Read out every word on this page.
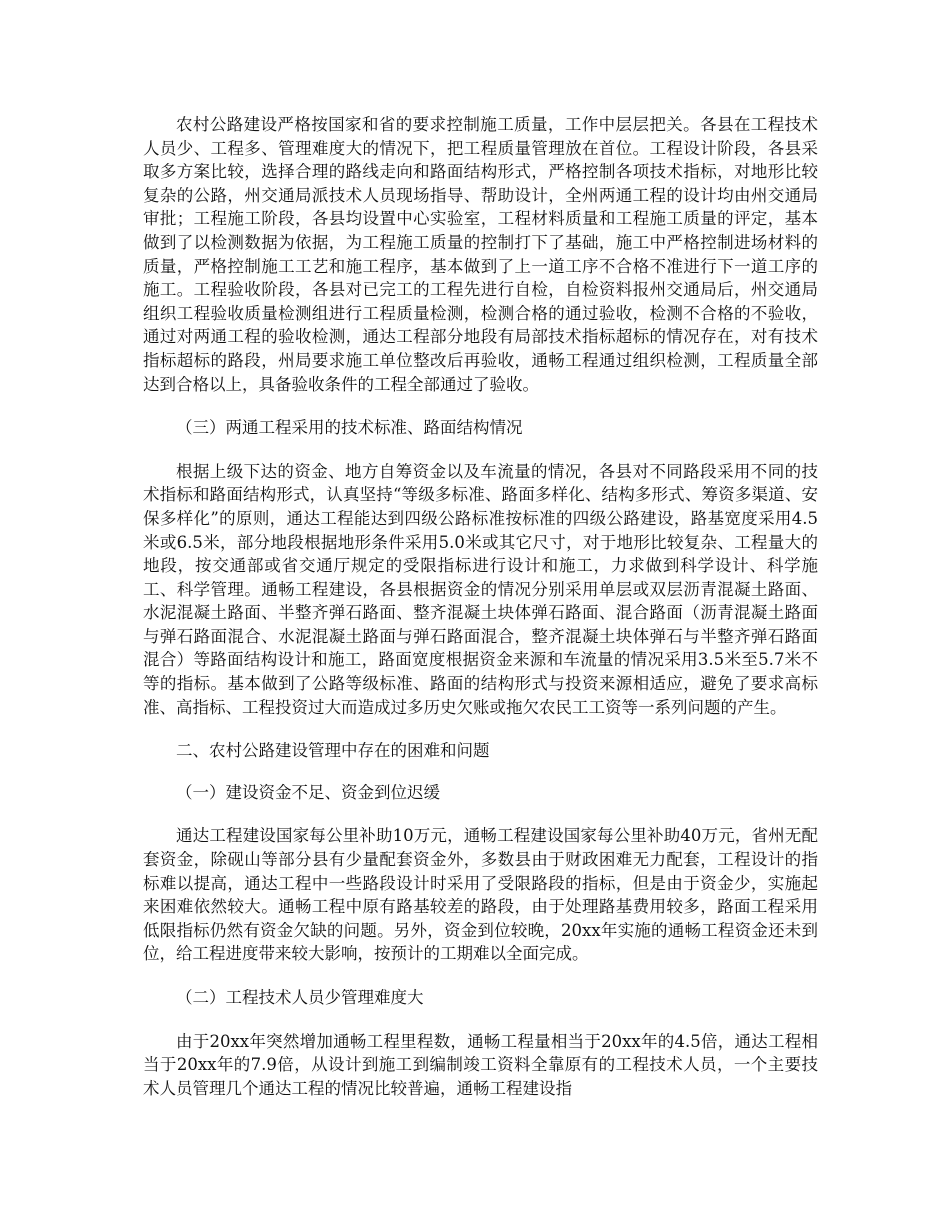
农村公路建设严格按国家和省的要求控制施工质量，工作中层层把关。各县在工程技术人员少、工程多、管理难度大的情况下，把工程质量管理放在首位。工程设计阶段，各县采取多方案比较，选择合理的路线走向和路面结构形式，严格控制各项技术指标，对地形比较复杂的公路，州交通局派技术人员现场指导、帮助设计，全州两通工程的设计均由州交通局审批；工程施工阶段，各县均设置中心实验室，工程材料质量和工程施工质量的评定，基本做到了以检测数据为依据，为工程施工质量的控制打下了基础，施工中严格控制进场材料的质量，严格控制施工工艺和施工程序，基本做到了上一道工序不合格不准进行下一道工序的施工。工程验收阶段，各县对已完工的工程先进行自检，自检资料报州交通局后，州交通局组织工程验收质量检测组进行工程质量检测，检测合格的通过验收，检测不合格的不验收，通过对两通工程的验收检测，通达工程部分地段有局部技术指标超标的情况存在，对有技术指标超标的路段，州局要求施工单位整改后再验收，通畅工程通过组织检测，工程质量全部达到合格以上，具备验收条件的工程全部通过了验收。

（三）两通工程采用的技术标准、路面结构情况

根据上级下达的资金、地方自筹资金以及车流量的情况，各县对不同路段采用不同的技术指标和路面结构形式，认真坚持“等级多标准、路面多样化、结构多形式、筹资多渠道、安保多样化”的原则，通达工程能达到四级公路标准按标准的四级公路建设，路基宽度采用4.5米或6.5米，部分地段根据地形条件采用5.0米或其它尺寸，对于地形比较复杂、工程量大的地段，按交通部或省交通厅规定的受限指标进行设计和施工，力求做到科学设计、科学施工、科学管理。通畅工程建设，各县根据资金的情况分别采用单层或双层沥青混凝土路面、水泥混凝土路面、半整齐弹石路面、整齐混凝土块体弹石路面、混合路面（沥青混凝土路面与弹石路面混合、水泥混凝土路面与弹石路面混合，整齐混凝土块体弹石与半整齐弹石路面混合）等路面结构设计和施工，路面宽度根据资金来源和车流量的情况采用3.5米至5.7米不等的指标。基本做到了公路等级标准、路面的结构形式与投资来源相适应，避免了要求高标准、高指标、工程投资过大而造成过多历史欠账或拖欠农民工工资等一系列问题的产生。

二、农村公路建设管理中存在的困难和问题

（一）建设资金不足、资金到位迟缓

通达工程建设国家每公里补助10万元，通畅工程建设国家每公里补助40万元，省州无配套资金，除砚山等部分县有少量配套资金外，多数县由于财政困难无力配套，工程设计的指标难以提高，通达工程中一些路段设计时采用了受限路段的指标，但是由于资金少，实施起来困难依然较大。通畅工程中原有路基较差的路段，由于处理路基费用较多，路面工程采用低限指标仍然有资金欠缺的问题。另外，资金到位较晚，20xx年实施的通畅工程资金还未到位，给工程进度带来较大影响，按预计的工期难以全面完成。

（二）工程技术人员少管理难度大

由于20xx年突然增加通畅工程里程数，通畅工程量相当于20xx年的4.5倍，通达工程相当于20xx年的7.9倍，从设计到施工到编制竣工资料全靠原有的工程技术人员，一个主要技术人员管理几个通达工程的情况比较普遍，通畅工程建设指
